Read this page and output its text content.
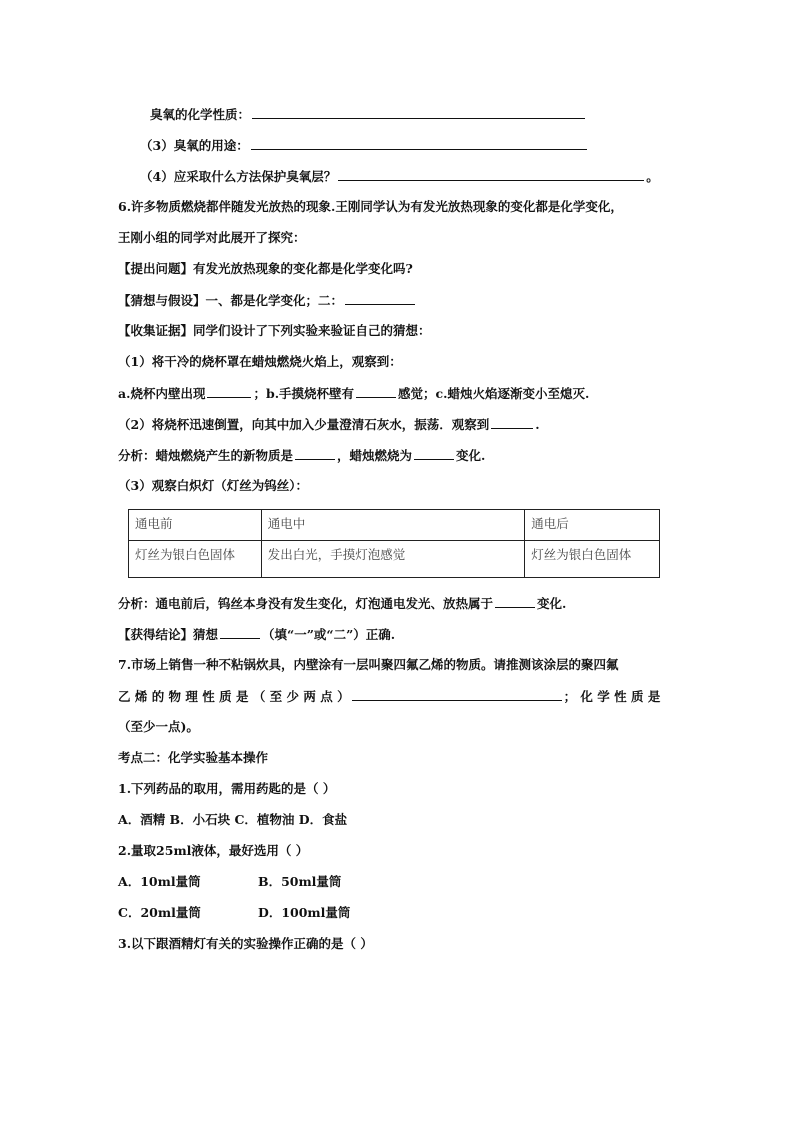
臭氧的化学性质：
（3）臭氧的用途：
（4）应采取什么方法保护臭氧层？	。
6.许多物质燃烧都伴随发光放热的现象.王刚同学认为有发光放热现象的变化都是化学变化，
王刚小组的同学对此展开了探究：
【提出问题】有发光放热现象的变化都是化学变化吗?
【猜想与假设】一、都是化学变化；二：
【收集证据】同学们设计了下列实验来验证自己的猜想：
（1）将干冷的烧杯罩在蜡烛燃烧火焰上，观察到：
a.烧杯内壁出现	；b.手摸烧杯壁有	感觉；c.蜡烛火焰逐渐变小至熄灭.
（2）将烧杯迅速倒置，向其中加入少量澄清石灰水，振荡．观察到	.
分析：蜡烛燃烧产生的新物质是	，蜡烛燃烧为	变化.
（3）观察白炽灯（灯丝为钨丝）：
通电前	通电中	通电后
灯丝为银白色固体	发出白光，手摸灯泡感觉	灯丝为银白色固体
分析：通电前后，钨丝本身没有发生变化，灯泡通电发光、放热属于	变化.
【获得结论】猜想	（填“一”或“二”）正确.
7.市场上销售一种不粘锅炊具，内壁涂有一层叫聚四氟乙烯的物质。请推测该涂层的聚四氟
乙 烯 的 物 理 性 质 是 （ 至 少 两 点 ）	； 化 学 性 质 是
（至少一点)。
考点二：化学实验基本操作
1.下列药品的取用，需用药匙的是（ ）
A．酒精 B．小石块 C．植物油 D．食盐
2.量取25ml液体，最好选用（ ）
A．10ml量筒	B．50ml量筒
C．20ml量筒	D．100ml量筒
3.以下跟酒精灯有关的实验操作正确的是（ ）
